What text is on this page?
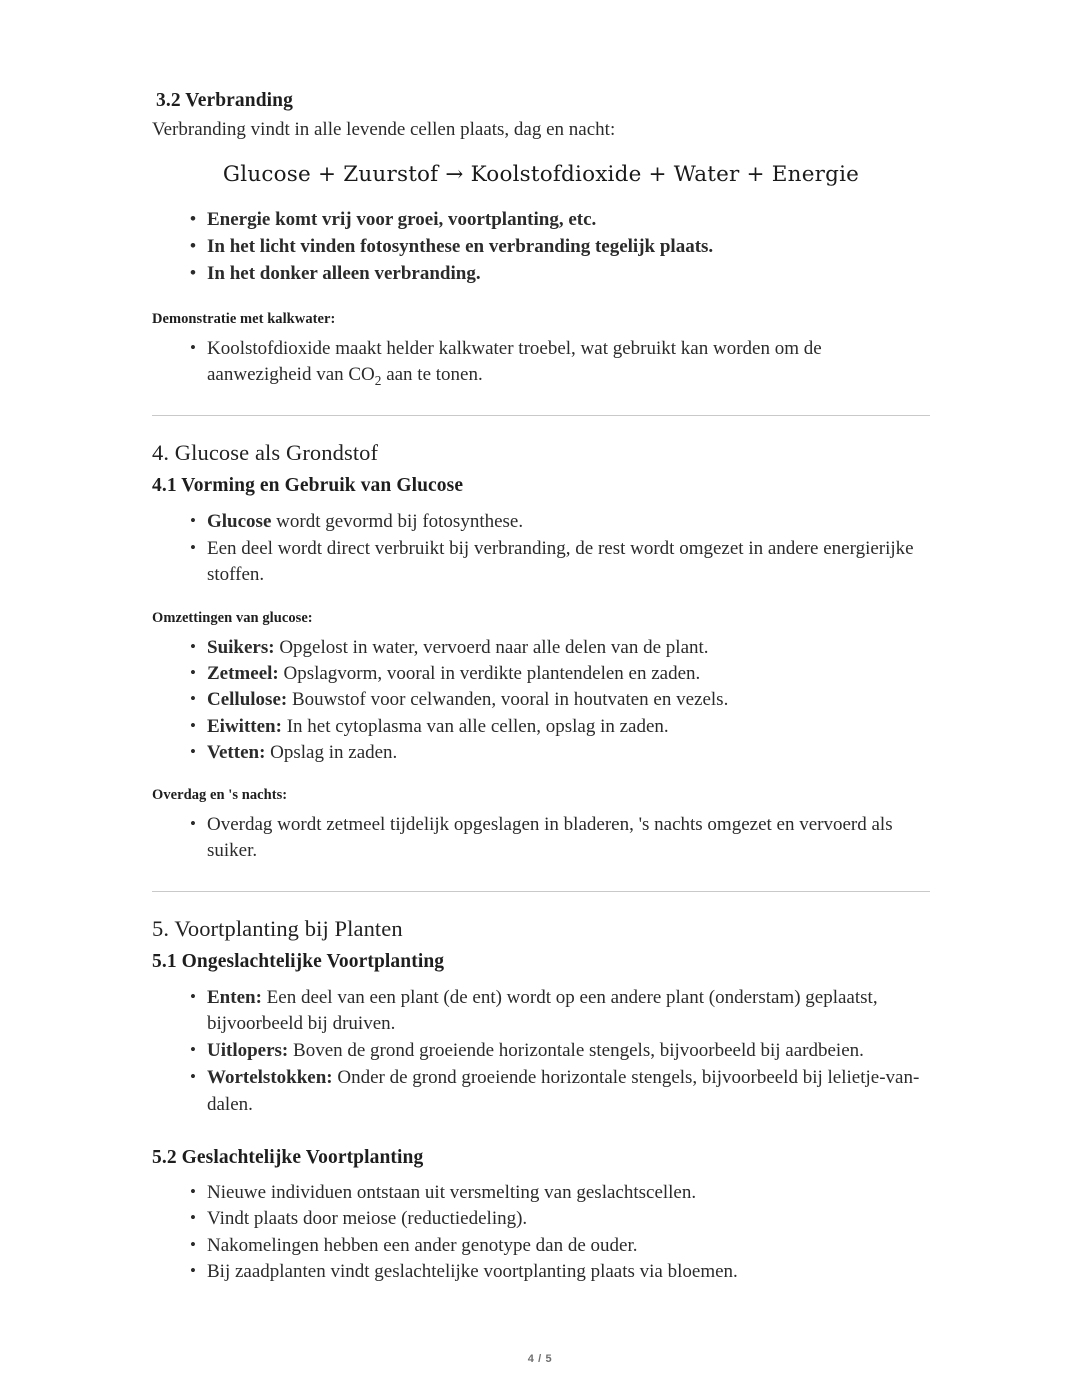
3.2 Verbranding

Verbranding vindt in alle levende cellen plaats, dag en nacht:

Glucose + Zuurstof → Koolstofdioxide + Water + Energie

• Energie komt vrij voor groei, voortplanting, etc.
• In het licht vinden fotosynthese en verbranding tegelijk plaats.
• In het donker alleen verbranding.

Demonstratie met kalkwater:

• Koolstofdioxide maakt helder kalkwater troebel, wat gebruikt kan worden om de aanwezigheid van $CO_2$ aan te tonen.
4. Glucose als Grondstof
4.1 Vorming en Gebruik van Glucose
• Glucose wordt gevormd bij fotosynthese.
• Een deel wordt direct verbruikt bij verbranding, de rest wordt omgezet in andere energierijke stoffen.

Omzettingen van glucose:

• Suikers: Opgelost in water, vervoerd naar alle delen van de plant.
• Zetmeel: Opslagvorm, vooral in verdikte plantendelen en zaden.
• Cellulose: Bouwstof voor celwanden, vooral in houtvaten en vezels.
• Eiwitten: In het cytoplasma van alle cellen, opslag in zaden.
• Vetten: Opslag in zaden.

Overdag en 's nachts:

• Overdag wordt zetmeel tijdelijk opgeslagen in bladeren, 's nachts omgezet en vervoerd als suiker.
5. Voortplanting bij Planten
5.1 Ongeslachtelijke Voortplanting
• Enten: Een deel van een plant (de ent) wordt op een andere plant (onderstam) geplaatst, bijvoorbeeld bij druiven.
• Uitlopers: Boven de grond groeiende horizontale stengels, bijvoorbeeld bij aardbeien.
• Wortelstokken: Onder de grond groeiende horizontale stengels, bijvoorbeeld bij lelietje-van-dalen.
5.2 Geslachtelijke Voortplanting
• Nieuwe individuen ontstaan uit versmelting van geslachtscellen.
• Vindt plaats door meiose (reductiedeling).
• Nakomelingen hebben een ander genotype dan de ouder.
• Bij zaadplanten vindt geslachtelijke voortplanting plaats via bloemen.
4 / 5
